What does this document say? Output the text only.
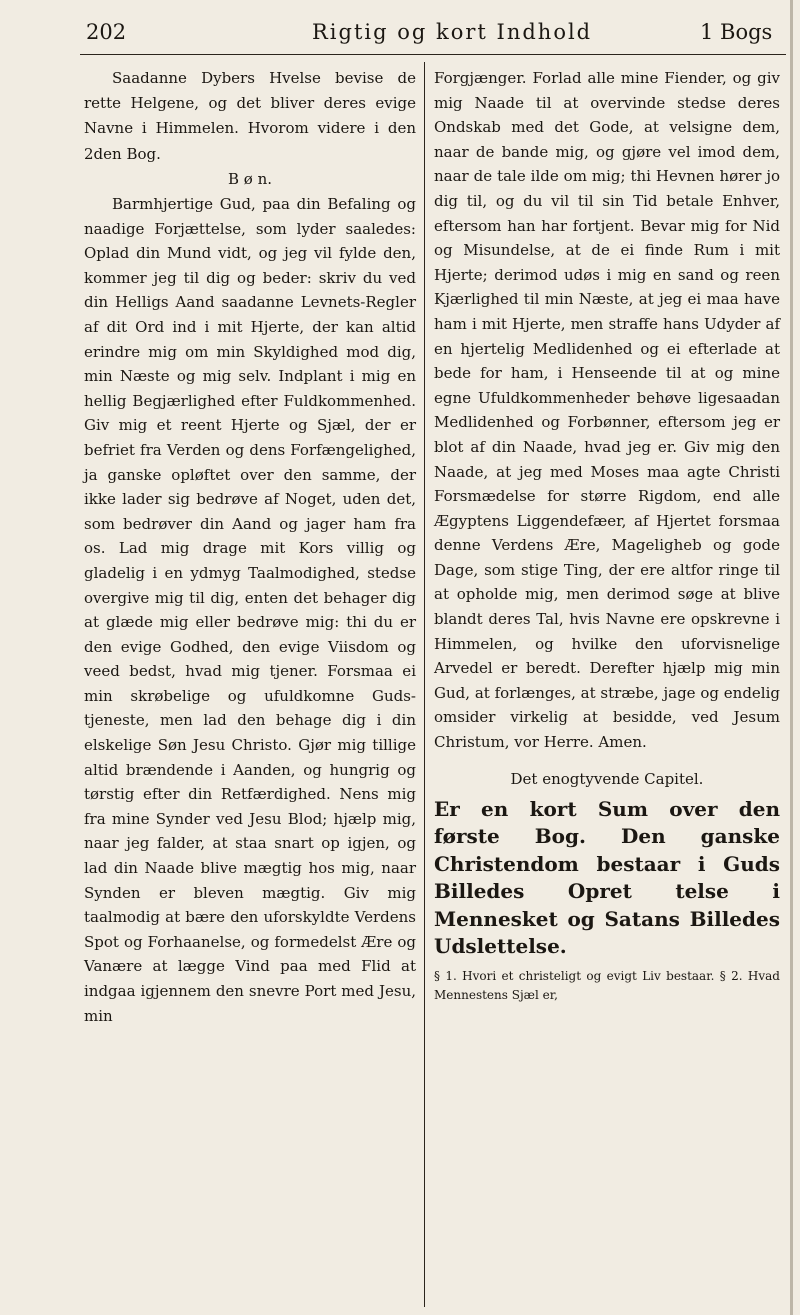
202	Rigtig og kort Indhold	1 Bogs

Saadanne Dybers Hvelse bevise de rette Helgene, og det bliver deres evige Navne i Himmelen. Hvorom videre i den 2den Bog.

B ø n.

Barmhjertige Gud, paa din Befaling og naadige Forjættelse, som lyder saaledes: Oplad din Mund vidt, og jeg vil fylde den, kommer jeg til dig og beder: skriv du ved din Helligs Aand saadanne Levnets-Regler af dit Ord ind i mit Hjerte, der kan altid erindre mig om min Skyldighed mod dig, min Næste og mig selv. Indplant i mig en hellig Begjærlighed efter Fuldkommenhed. Giv mig et reent Hjerte og Sjæl, der er befriet fra Verden og dens Forfængelighed, ja ganske opløftet over den samme, der ikke lader sig bedrøve af Noget, uden det, som bedrøver din Aand og jager ham fra os. Lad mig drage mit Kors villig og gladelig i en ydmyg Taalmodighed, stedse overgive mig til dig, enten det behager dig at glæde mig eller bedrøve mig: thi du er den evige Godhed, den evige Viisdom og veed bedst, hvad mig tjener. Forsmaa ei min skrøbelige og ufuldkomne Guds-tjeneste, men lad den behage dig i din elskelige Søn Jesu Christo. Gjør mig tillige altid brændende i Aanden, og hungrig og tørstig efter din Retfærdighed. Nens mig fra mine Synder ved Jesu Blod; hjælp mig, naar jeg falder, at staa snart op igjen, og lad din Naade blive mægtig hos mig, naar Synden er bleven mægtig. Giv mig taalmodig at bære den uforskyldte Verdens Spot og Forhaanelse, og formedelst Ære og Vanære at lægge Vind paa med Flid at indgaa igjennem den snevre Port med Jesu, min

Forgjænger. Forlad alle mine Fiender, og giv mig Naade til at overvinde stedse deres Ondskab med det Gode, at velsigne dem, naar de bande mig, og gjøre vel imod dem, naar de tale ilde om mig; thi Hevnen hører jo dig til, og du vil til sin Tid betale Enhver, eftersom han har fortjent. Bevar mig for Nid og Misundelse, at de ei finde Rum i mit Hjerte; derimod udøs i mig en sand og reen Kjærlighed til min Næste, at jeg ei maa have ham i mit Hjerte, men straffe hans Udyder af en hjertelig Medlidenhed og ei efterlade at bede for ham, i Henseende til at og mine egne Ufuldkommenheder behøve ligesaadan Medlidenhed og Forbønner, eftersom jeg er blot af din Naade, hvad jeg er. Giv mig den Naade, at jeg med Moses maa agte Christi Forsmædelse for større Rigdom, end alle Ægyptens Liggendefæer, af Hjertet forsmaa denne Verdens Ære, Mageligheb og gode Dage, som stige Ting, der ere altfor ringe til at opholde mig, men derimod søge at blive blandt deres Tal, hvis Navne ere opskrevne i Himmelen, og hvilke den uforvisnelige Arvedel er beredt. Derefter hjælp mig min Gud, at forlænges, at stræbe, jage og endelig omsider virkelig at besidde, ved Jesum Christum, vor Herre. Amen.

Det enogtyvende Capitel.

Er en kort Sum over den første Bog. Den ganske Christendom bestaar i Guds Billedes Opret telse i Mennesket og Satans Billedes Udslettelse.

§ 1. Hvori et christeligt og evigt Liv bestaar. § 2. Hvad Mennestens Sjæl er,
